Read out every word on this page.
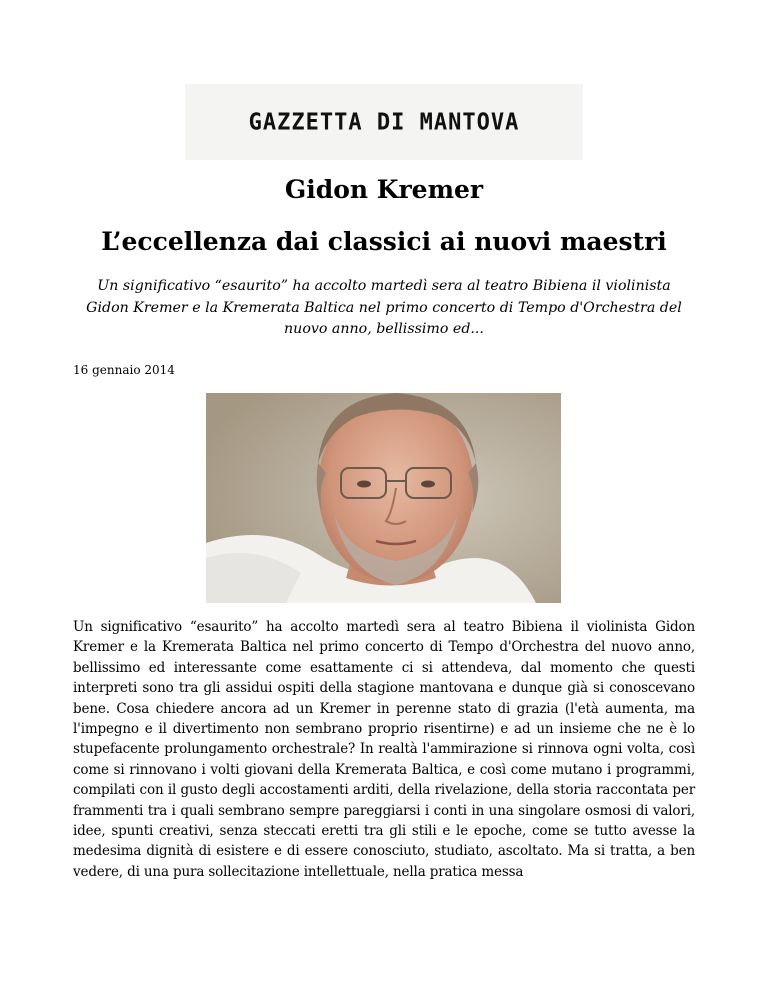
GAZZETTA DI MANTOVA
Gidon Kremer
L’eccellenza dai classici ai nuovi maestri

Un significativo “esaurito” ha accolto martedì sera al teatro Bibiena il violinista Gidon Kremer e la Kremerata Baltica nel primo concerto di Tempo d'Orchestra del nuovo anno, bellissimo ed...

16 gennaio 2014

Un significativo “esaurito” ha accolto martedì sera al teatro Bibiena il violinista Gidon Kremer e la Kremerata Baltica nel primo concerto di Tempo d'Orchestra del nuovo anno, bellissimo ed interessante come esattamente ci si attendeva, dal momento che questi interpreti sono tra gli assidui ospiti della stagione mantovana e dunque già si conoscevano bene. Cosa chiedere ancora ad un Kremer in perenne stato di grazia (l'età aumenta, ma l'impegno e il divertimento non sembrano proprio risentirne) e ad un insieme che ne è lo stupefacente prolungamento orchestrale? In realtà l'ammirazione si rinnova ogni volta, così come si rinnovano i volti giovani della Kremerata Baltica, e così come mutano i programmi, compilati con il gusto degli accostamenti arditi, della rivelazione, della storia raccontata per frammenti tra i quali sembrano sempre pareggiarsi i conti in una singolare osmosi di valori, idee, spunti creativi, senza steccati eretti tra gli stili e le epoche, come se tutto avesse la medesima dignità di esistere e di essere conosciuto, studiato, ascoltato. Ma si tratta, a ben vedere, di una pura sollecitazione intellettuale, nella pratica messa
